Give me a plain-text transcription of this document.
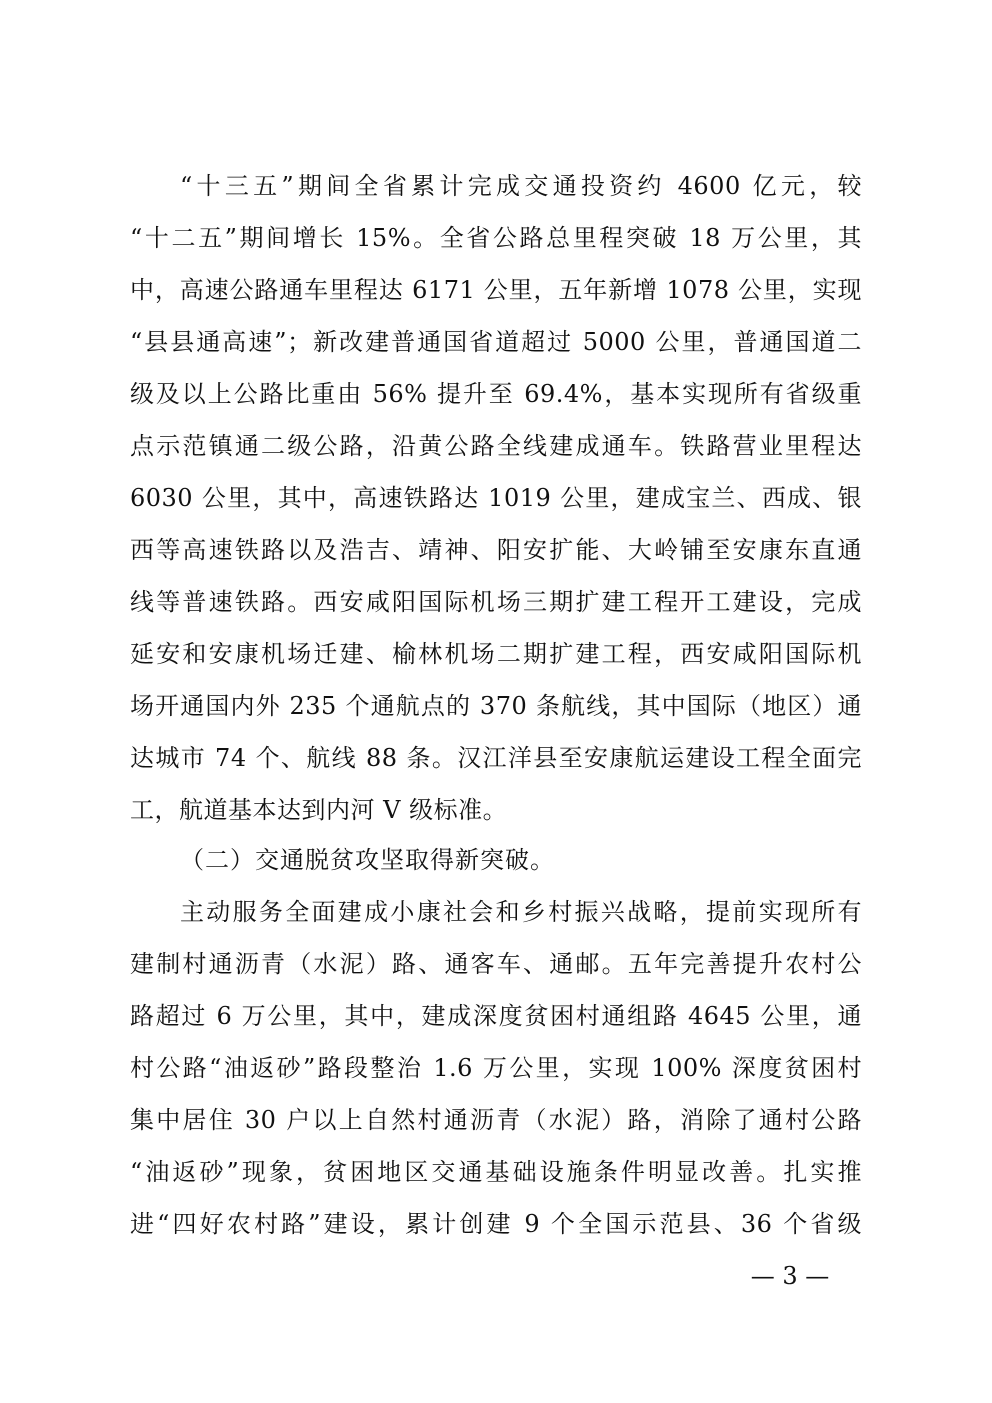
“十三五”期间全省累计完成交通投资约 4600 亿元，较
“十二五”期间增长 15%。全省公路总里程突破 18 万公里，其
中，高速公路通车里程达 6171 公里，五年新增 1078 公里，实现
“县县通高速”；新改建普通国省道超过 5000 公里，普通国道二
级及以上公路比重由 56% 提升至 69.4%，基本实现所有省级重
点示范镇通二级公路，沿黄公路全线建成通车。铁路营业里程达
6030 公里，其中，高速铁路达 1019 公里，建成宝兰、西成、银
西等高速铁路以及浩吉、靖神、阳安扩能、大岭铺至安康东直通
线等普速铁路。西安咸阳国际机场三期扩建工程开工建设，完成
延安和安康机场迁建、榆林机场二期扩建工程，西安咸阳国际机
场开通国内外 235 个通航点的 370 条航线，其中国际（地区）通
达城市 74 个、航线 88 条。汉江洋县至安康航运建设工程全面完
工，航道基本达到内河 V 级标准。
（二）交通脱贫攻坚取得新突破。
主动服务全面建成小康社会和乡村振兴战略，提前实现所有
建制村通沥青（水泥）路、通客车、通邮。五年完善提升农村公
路超过 6 万公里，其中，建成深度贫困村通组路 4645 公里，通
村公路“油返砂”路段整治 1.6 万公里，实现 100% 深度贫困村
集中居住 30 户以上自然村通沥青（水泥）路，消除了通村公路
“油返砂”现象，贫困地区交通基础设施条件明显改善。扎实推
进“四好农村路”建设，累计创建 9 个全国示范县、36 个省级
— 3 —
